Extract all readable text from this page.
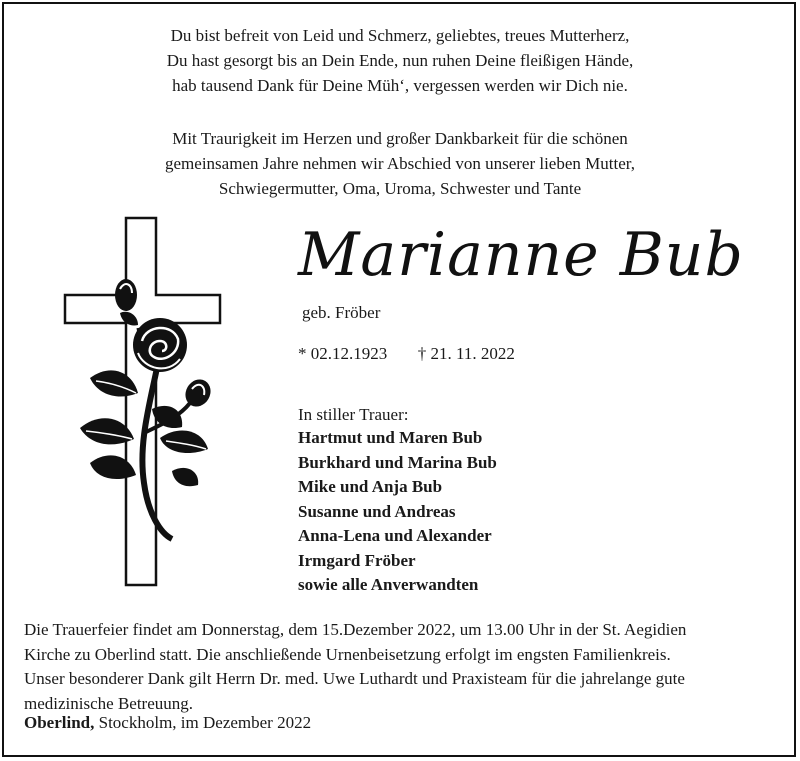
Du bist befreit von Leid und Schmerz, geliebtes, treues Mutterherz,
Du hast gesorgt bis an Dein Ende, nun ruhen Deine fleißigen Hände,
hab tausend Dank für Deine Müh‘, vergessen werden wir Dich nie.
Mit Traurigkeit im Herzen und großer Dankbarkeit für die schönen
gemeinsamen Jahre nehmen wir Abschied von unserer lieben Mutter,
Schwiegermutter, Oma, Uroma, Schwester und Tante
Marianne Bub
geb. Fröber
* 02.12.1923 † 21. 11. 2022
In stiller Trauer:
Hartmut und Maren Bub
Burkhard und Marina Bub
Mike und Anja Bub
Susanne und Andreas
Anna-Lena und Alexander
Irmgard Fröber
sowie alle Anverwandten

Die Trauerfeier findet am Donnerstag, dem 15.Dezember 2022, um 13.00 Uhr in der St. Aegidien

Kirche zu Oberlind statt. Die anschließende Urnenbeisetzung erfolgt im engsten Familienkreis.

Unser besonderer Dank gilt Herrn Dr. med. Uwe Luthardt und Praxisteam für die jahrelange gute

medizinische Betreuung.

Oberlind, Stockholm, im Dezember 2022
